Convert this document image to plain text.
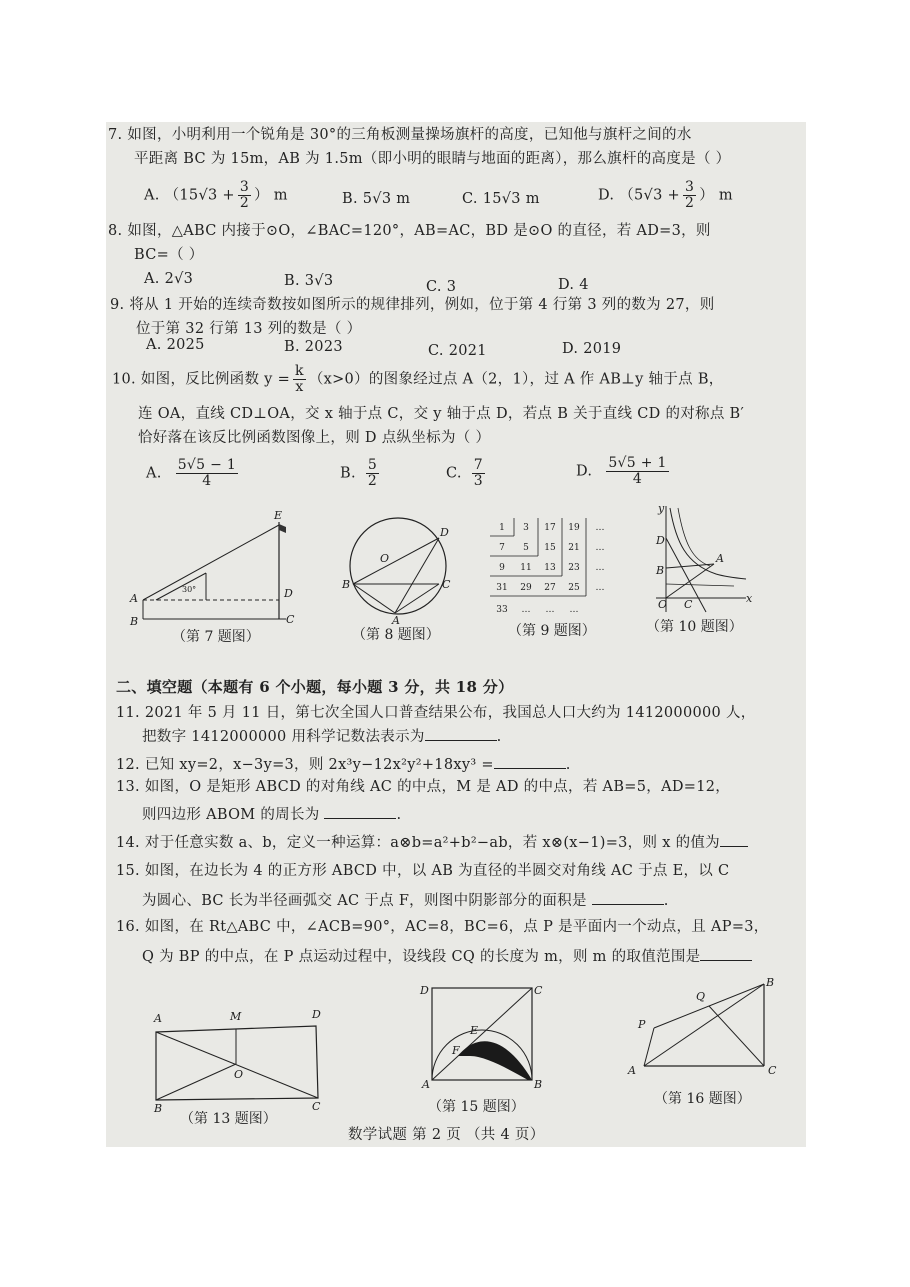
7. 如图，小明利用一个锐角是 30°的三角板测量操场旗杆的高度，已知他与旗杆之间的水
平距离 BC 为 15m，AB 为 1.5m（即小明的眼睛与地面的距离），那么旗杆的高度是（ ）
A. （$15√3 + \frac{3}{2}$ ） m	B. 5√3 m	C. 15√3 m	D. （$5√3 + \frac{3}{2}$ ） m
8. 如图，△ABC 内接于⊙O，∠BAC=120°，AB=AC，BD 是⊙O 的直径，若 AD=3，则
BC=（ ）
A. 2√3	B. 3√3	C. 3	D. 4
9. 将从 1 开始的连续奇数按如图所示的规律排列，例如，位于第 4 行第 3 列的数为 27，则
位于第 32 行第 13 列的数是（ ）
A. 2025	B. 2023	C. 2021	D. 2019
10. 如图，反比例函数 $y = \frac{k}{x} (x>0)$的图象经过点 A（2，1），过 A 作 AB⊥y 轴于点 B，
连 OA，直线 CD⊥OA，交 x 轴于点 C，交 y 轴于点 D，若点 B 关于直线 CD 的对称点 B′
恰好落在该反比例函数图像上，则 D 点纵坐标为（ ）
A. $\frac{5√5 - 1}{4}$	B. $\frac{5}{2}$	C. $\frac{7}{3}$	D. $\frac{5√5 + 1}{4}$
E
A
B
D
C
30°
（第 7 题图）
O
D
B	C
A
（第 8 题图）
1 3 17 19 …
7 5 15 21 …
9 11 13 23 …
31 29 27 25 …
33 … … …
（第 9 题图）
y
x
D
B
A
O C
（第 10 题图）
二、填空题（本题有 6 个小题，每小题 3 分，共 18 分）
11. 2021 年 5 月 11 日，第七次全国人口普查结果公布，我国总人口大约为 1412000000 人，
把数字 1412000000 用科学记数法表示为	.
12. 已知 xy=2，x−3y=3，则 2x³y−12x²y²+18xy³ =	.
13. 如图，O 是矩形 ABCD 的对角线 AC 的中点，M 是 AD 的中点，若 AB=5，AD=12，
则四边形 ABOM 的周长为	.
14. 对于任意实数 a、b，定义一种运算：a⊗b=a²+b²−ab，若 x⊗(x−1)=3，则 x 的值为
15. 如图，在边长为 4 的正方形 ABCD 中，以 AB 为直径的半圆交对角线 AC 于点 E，以 C
为圆心、BC 长为半径画弧交 AC 于点 F，则图中阴影部分的面积是	.
16. 如图，在 Rt△ABC 中，∠ACB=90°，AC=8，BC=6，点 P 是平面内一个动点，且 AP=3，
Q 为 BP 的中点，在 P 点运动过程中，设线段 CQ 的长度为 m，则 m 的取值范围是
A	M	D
O
B	C
（第 13 题图）
D	C
E
F
A	B
（第 15 题图）
Q
B
P
A	C
（第 16 题图）
数学试题 第 2 页 （共 4 页）
